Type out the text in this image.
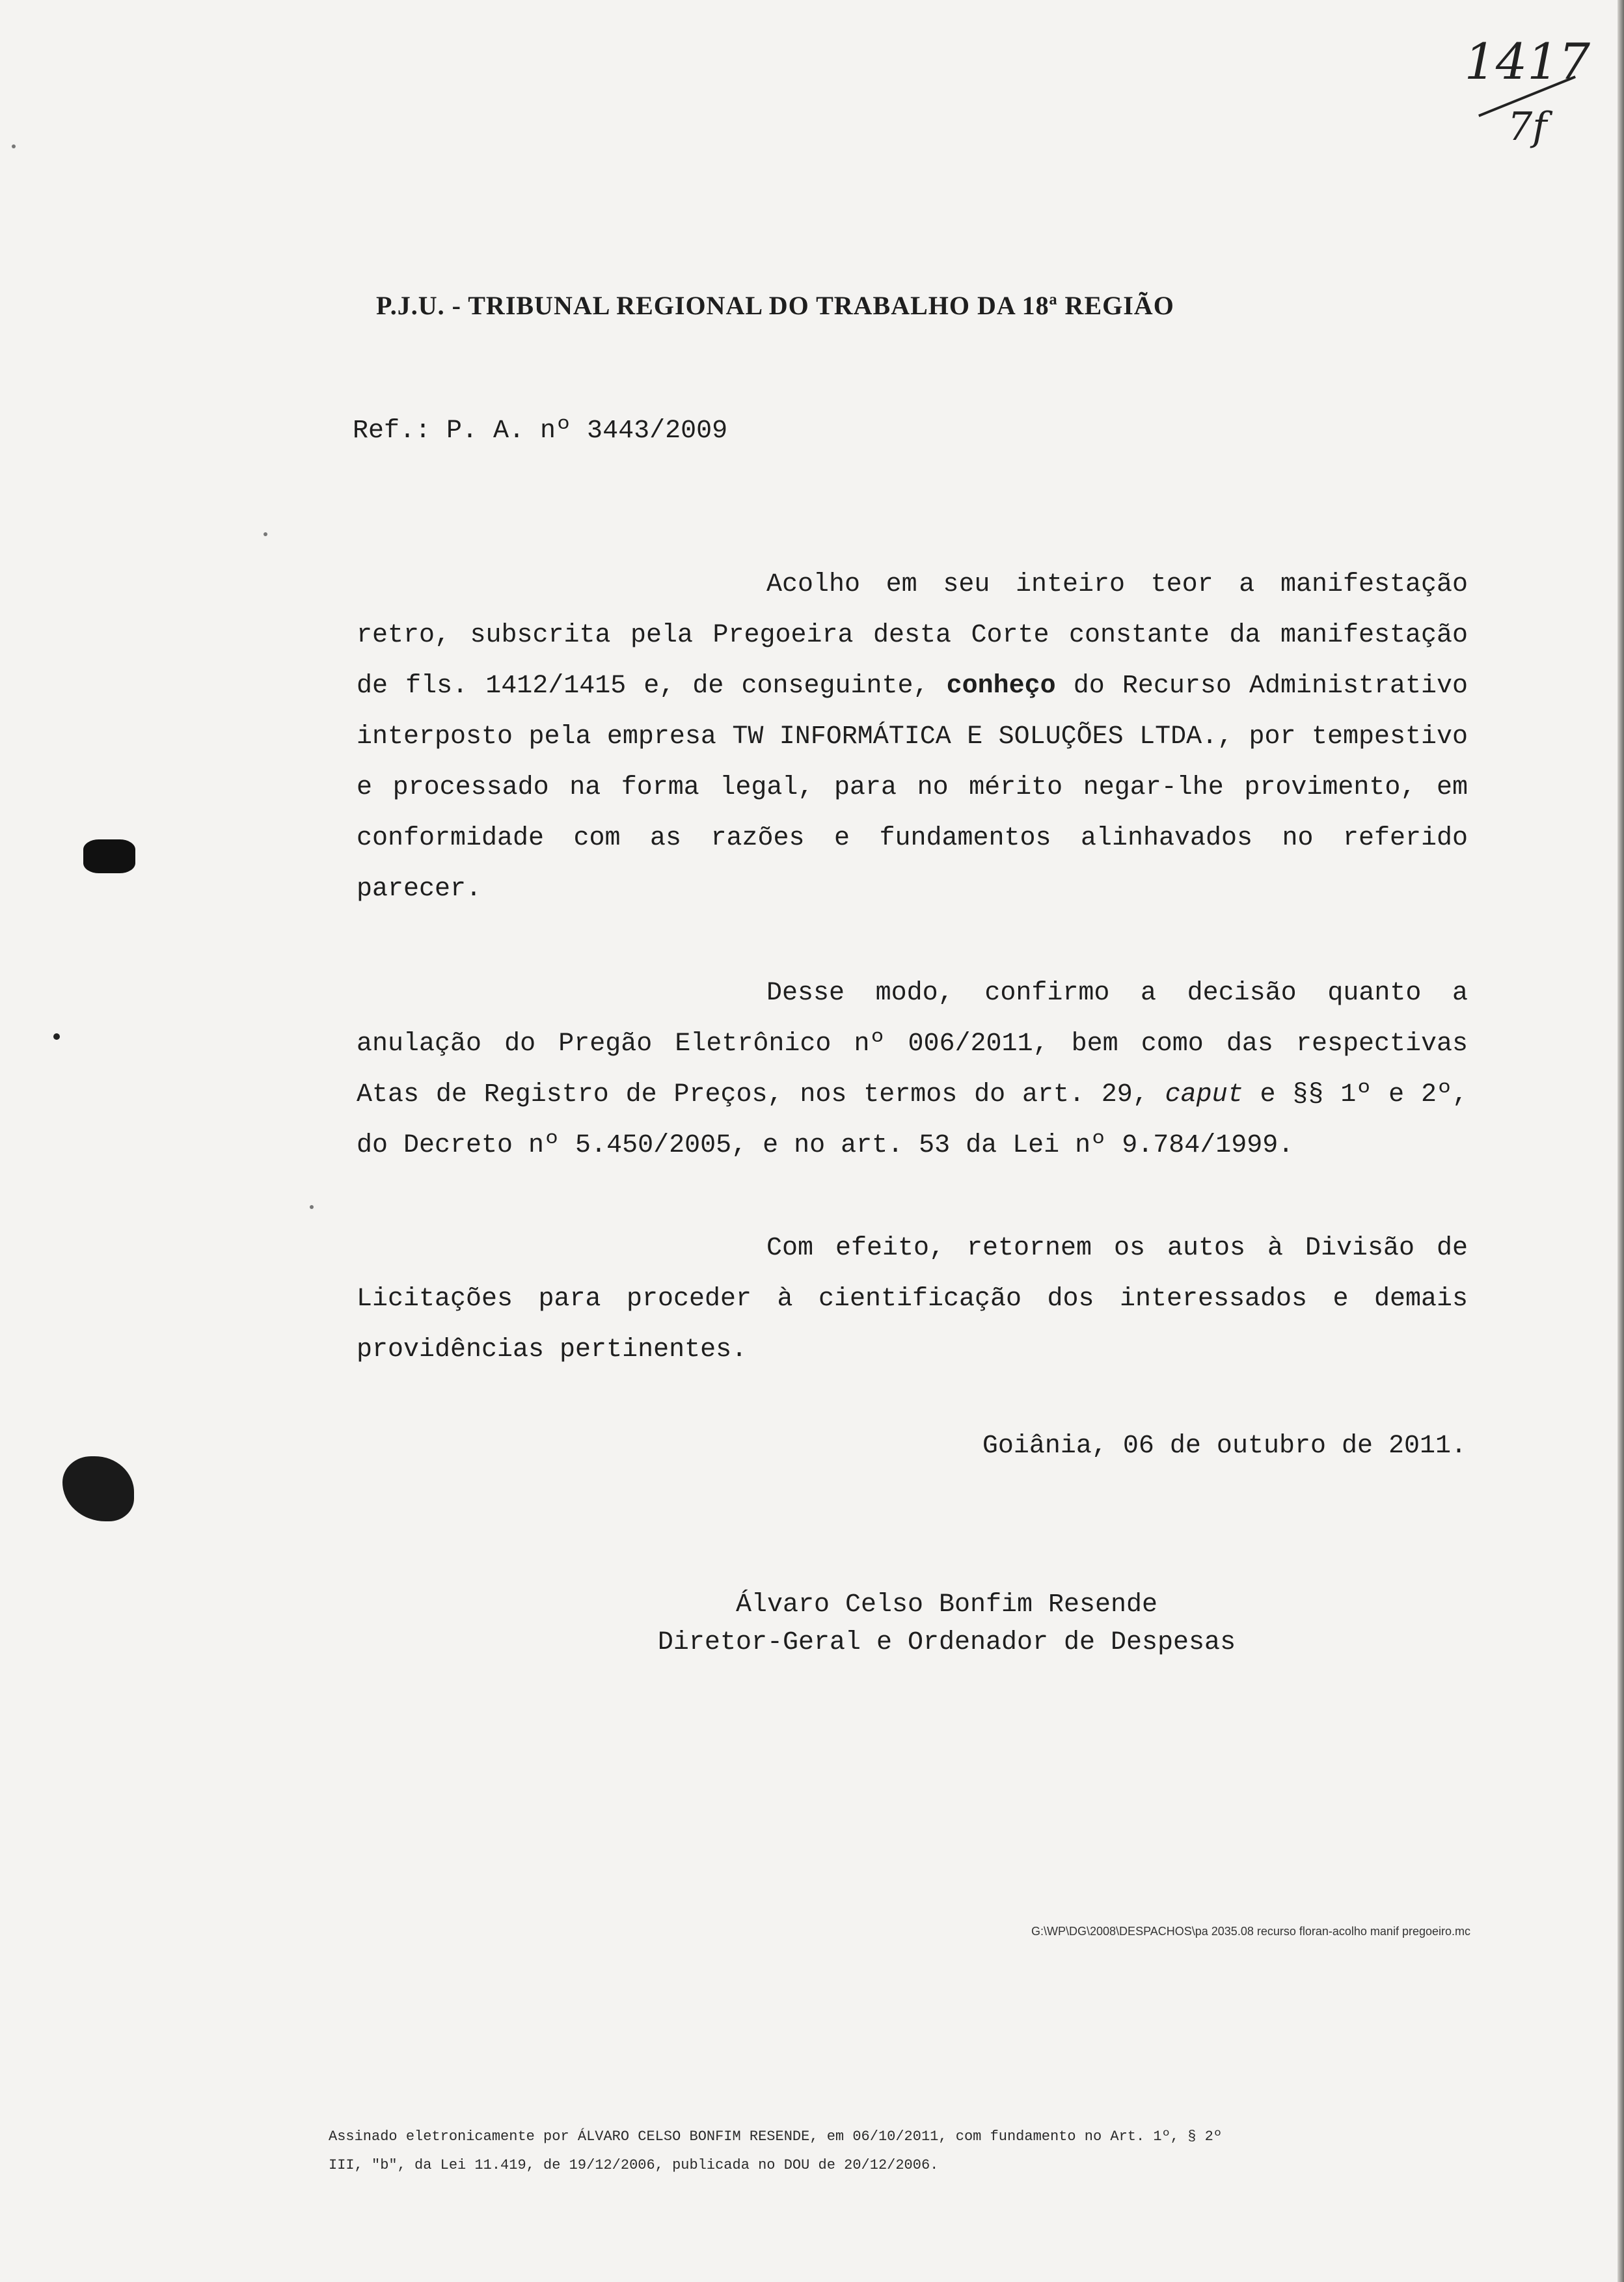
1417
7f
P.J.U. - TRIBUNAL REGIONAL DO TRABALHO DA 18ª REGIÃO
Ref.: P. A. nº 3443/2009
Acolho em seu inteiro teor a manifestação retro, subscrita pela Pregoeira desta Corte constante da manifestação de fls. 1412/1415 e, de conseguinte, conheço do Recurso Administrativo interposto pela empresa TW INFORMÁTICA E SOLUÇÕES LTDA., por tempestivo e processado na forma legal, para no mérito negar-lhe provimento, em conformidade com as razões e fundamentos alinhavados no referido parecer.
Desse modo, confirmo a decisão quanto a anulação do Pregão Eletrônico nº 006/2011, bem como das respectivas Atas de Registro de Preços, nos termos do art. 29, caput e §§ 1º e 2º, do Decreto nº 5.450/2005, e no art. 53 da Lei nº 9.784/1999.
Com efeito, retornem os autos à Divisão de Licitações para proceder à cientificação dos interessados e demais providências pertinentes.
Goiânia, 06 de outubro de 2011.
Álvaro Celso Bonfim Resende
Diretor-Geral e Ordenador de Despesas
G:\WP\DG\2008\DESPACHOS\pa 2035.08 recurso floran-acolho manif pregoeiro.mc
Assinado eletronicamente por ÁLVARO CELSO BONFIM RESENDE, em 06/10/2011, com fundamento no Art. 1º, § 2º
III, "b", da Lei 11.419, de 19/12/2006, publicada no DOU de 20/12/2006.
